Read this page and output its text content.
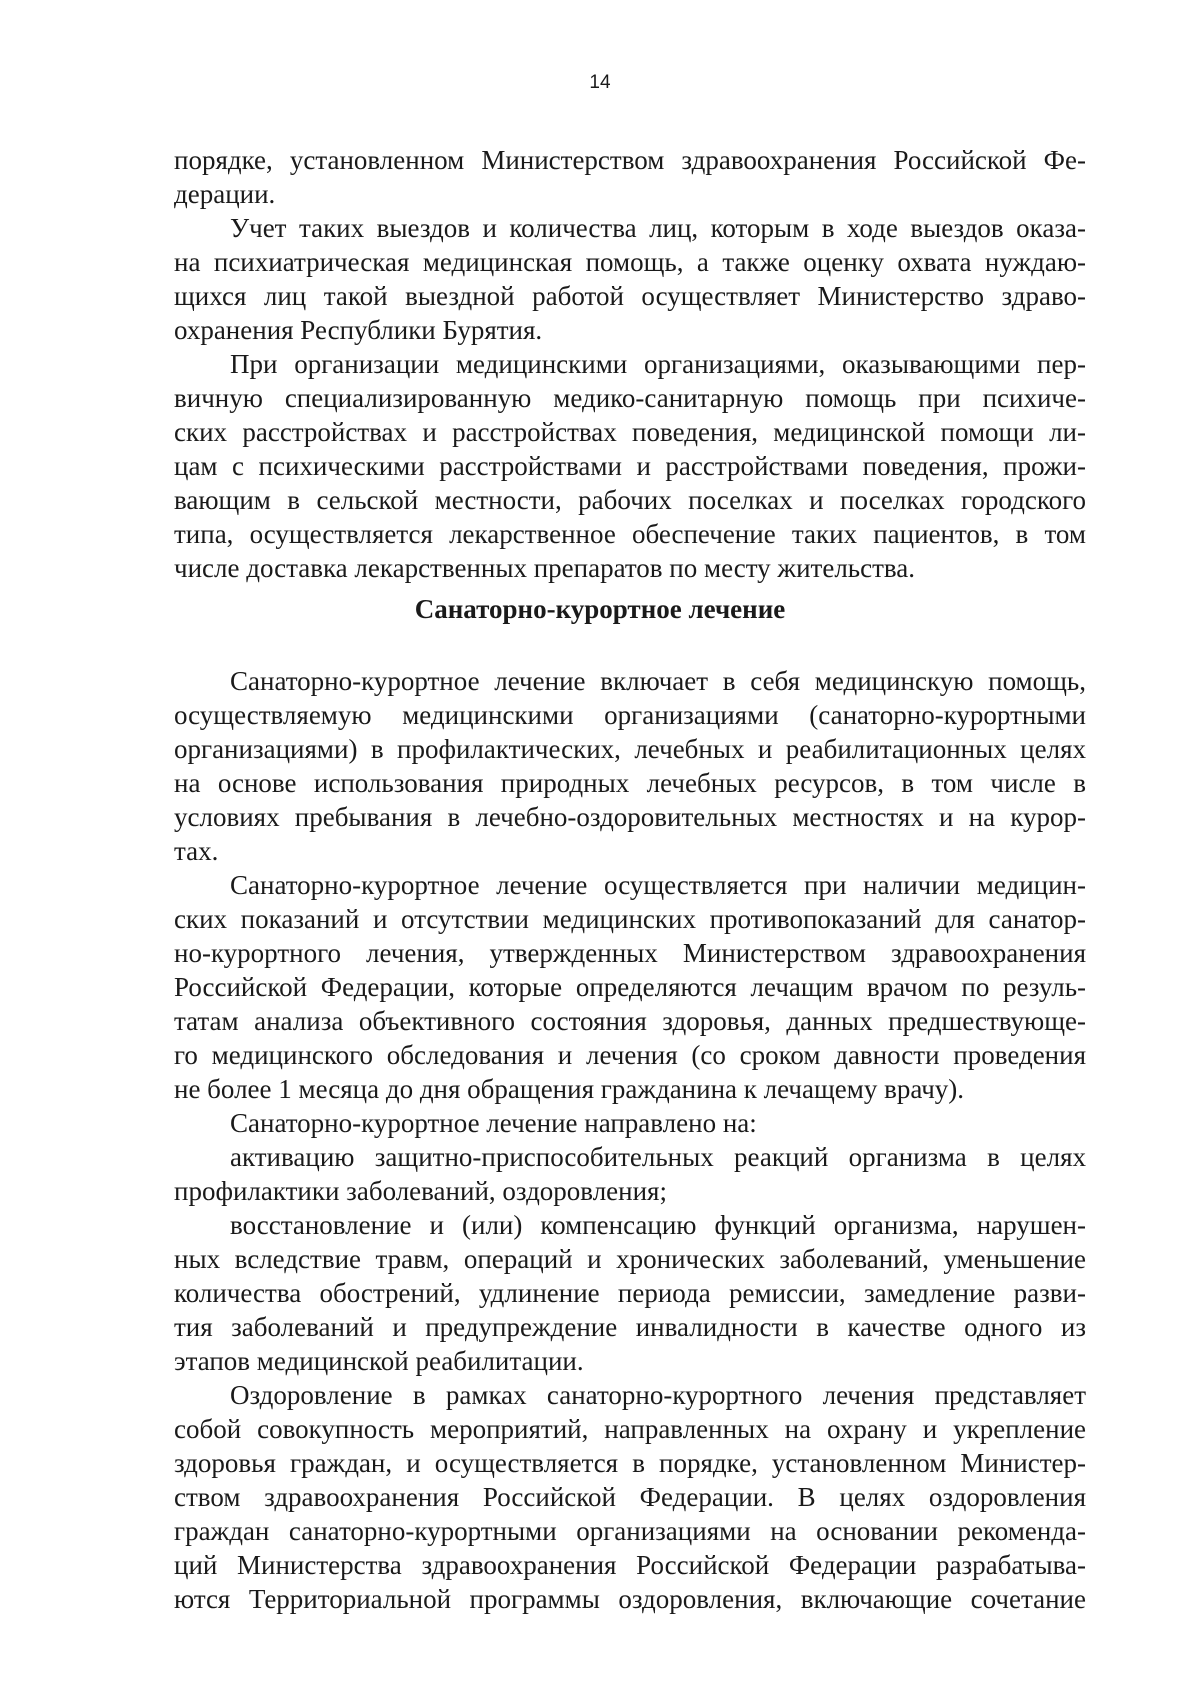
14
порядке, установленном Министерством здравоохранения Российской Фе-
дерации.
Учет таких выездов и количества лиц, которым в ходе выездов оказа-
на психиатрическая медицинская помощь, а также оценку охвата нуждаю-
щихся лиц такой выездной работой осуществляет Министерство здраво-
охранения Республики Бурятия.
При организации медицинскими организациями, оказывающими пер-
вичную специализированную медико-санитарную помощь при психиче-
ских расстройствах и расстройствах поведения, медицинской помощи ли-
цам с психическими расстройствами и расстройствами поведения, прожи-
вающим в сельской местности, рабочих поселках и поселках городского
типа, осуществляется лекарственное обеспечение таких пациентов, в том
числе доставка лекарственных препаратов по месту жительства.
Санаторно-курортное лечение
Санаторно-курортное лечение включает в себя медицинскую помощь,
осуществляемую медицинскими организациями (санаторно-курортными
организациями) в профилактических, лечебных и реабилитационных целях
на основе использования природных лечебных ресурсов, в том числе в
условиях пребывания в лечебно-оздоровительных местностях и на курор-
тах.
Санаторно-курортное лечение осуществляется при наличии медицин-
ских показаний и отсутствии медицинских противопоказаний для санатор-
но-курортного лечения, утвержденных Министерством здравоохранения
Российской Федерации, которые определяются лечащим врачом по резуль-
татам анализа объективного состояния здоровья, данных предшествующе-
го медицинского обследования и лечения (со сроком давности проведения
не более 1 месяца до дня обращения гражданина к лечащему врачу).
Санаторно-курортное лечение направлено на:
активацию защитно-приспособительных реакций организма в целях
профилактики заболеваний, оздоровления;
восстановление и (или) компенсацию функций организма, нарушен-
ных вследствие травм, операций и хронических заболеваний, уменьшение
количества обострений, удлинение периода ремиссии, замедление разви-
тия заболеваний и предупреждение инвалидности в качестве одного из
этапов медицинской реабилитации.
Оздоровление в рамках санаторно-курортного лечения представляет
собой совокупность мероприятий, направленных на охрану и укрепление
здоровья граждан, и осуществляется в порядке, установленном Министер-
ством здравоохранения Российской Федерации. В целях оздоровления
граждан санаторно-курортными организациями на основании рекоменда-
ций Министерства здравоохранения Российской Федерации разрабатыва-
ются Территориальной программы оздоровления, включающие сочетание
